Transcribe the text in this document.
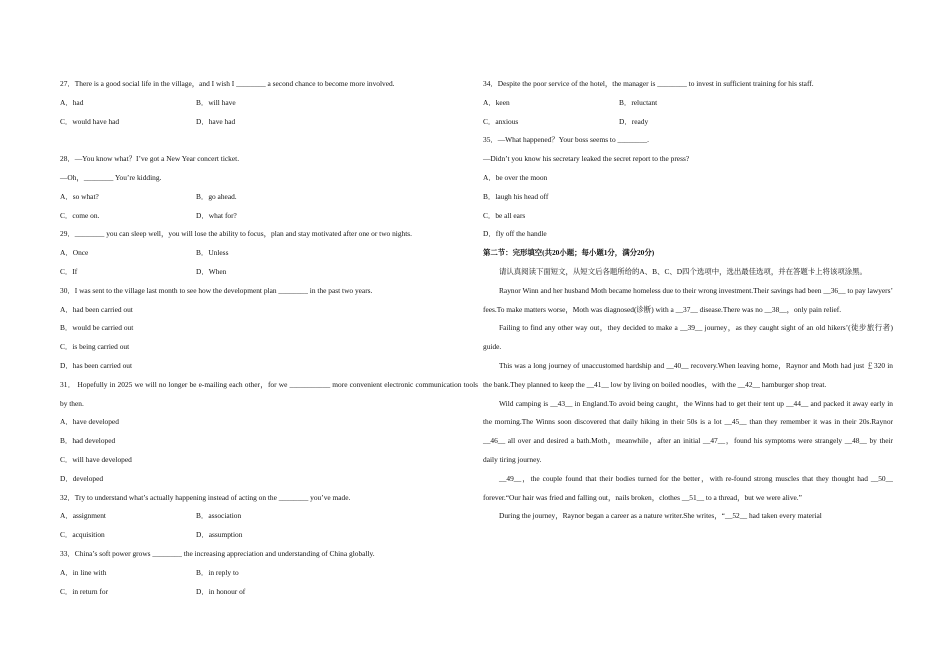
27．There is a good social life in the village，and I wish I ________ a second chance to become more involved.
A．had	B．will have
C．would have had	D．have had
28．—You know what？I’ve got a New Year concert ticket.
—Oh，________ You’re kidding.
A．so what?	B．go ahead.
C．come on.	D．what for?
29．________ you can sleep well，you will lose the ability to focus，plan and stay motivated after one or two nights.
A．Once	B．Unless
C．If	D．When
30．I was sent to the village last month to see how the development plan ________ in the past two years.
A．had been carried out
B．would be carried out
C．is being carried out
D．has been carried out
31． Hopefully in 2025 we will no longer be e-mailing each other，for we ___________ more convenient electronic communication tools by then.
A．have developed
B．had developed
C．will have developed
D．developed
32．Try to understand what’s actually happening instead of acting on the ________ you’ve made.
A．assignment	B．association
C．acquisition	D．assumption
33．China’s soft power grows ________ the increasing appreciation and understanding of China globally.
A．in line with	B．in reply to
C．in return for	D．in honour of
34．Despite the poor service of the hotel，the manager is ________ to invest in sufficient training for his staff.
A．keen	B．reluctant
C．anxious	D．ready
35．—What happened？Your boss seems to ________.
—Didn’t you know his secretary leaked the secret report to the press?
A．be over the moon
B．laugh his head off
C．be all ears
D．fly off the handle
第二节：完形填空(共20小题；每小题1分，满分20分)
请认真阅读下面短文，从短文后各题所给的A、B、C、D四个选项中，选出最佳选项，并在答题卡上将该项涂黑。
Raynor Winn and her husband Moth became homeless due to their wrong investment.Their savings had been __36__ to pay lawyers’ fees.To make matters worse，Moth was diagnosed(诊断) with a __37__ disease.There was no __38__，only pain relief.
Failing to find any other way out，they decided to make a __39__ journey，as they caught sight of an old hikers’(徒步旅行者) guide.
This was a long journey of unaccustomed hardship and __40__ recovery.When leaving home，Raynor and Moth had just ￡320 in the bank.They planned to keep the __41__ low by living on boiled noodles，with the __42__ hamburger shop treat.
Wild camping is __43__ in England.To avoid being caught，the Winns had to get their tent up __44__ and packed it away early in the morning.The Winns soon discovered that daily hiking in their 50s is a lot __45__ than they remember it was in their 20s.Raynor __46__ all over and desired a bath.Moth，meanwhile，after an initial __47__，found his symptoms were strangely __48__ by their daily tiring journey.
__49__，the couple found that their bodies turned for the better，with re-found strong muscles that they thought had __50__ forever.“Our hair was fried and falling out，nails broken，clothes __51__ to a thread，but we were alive.”
During the journey，Raynor began a career as a nature writer.She writes，“__52__ had taken every material
